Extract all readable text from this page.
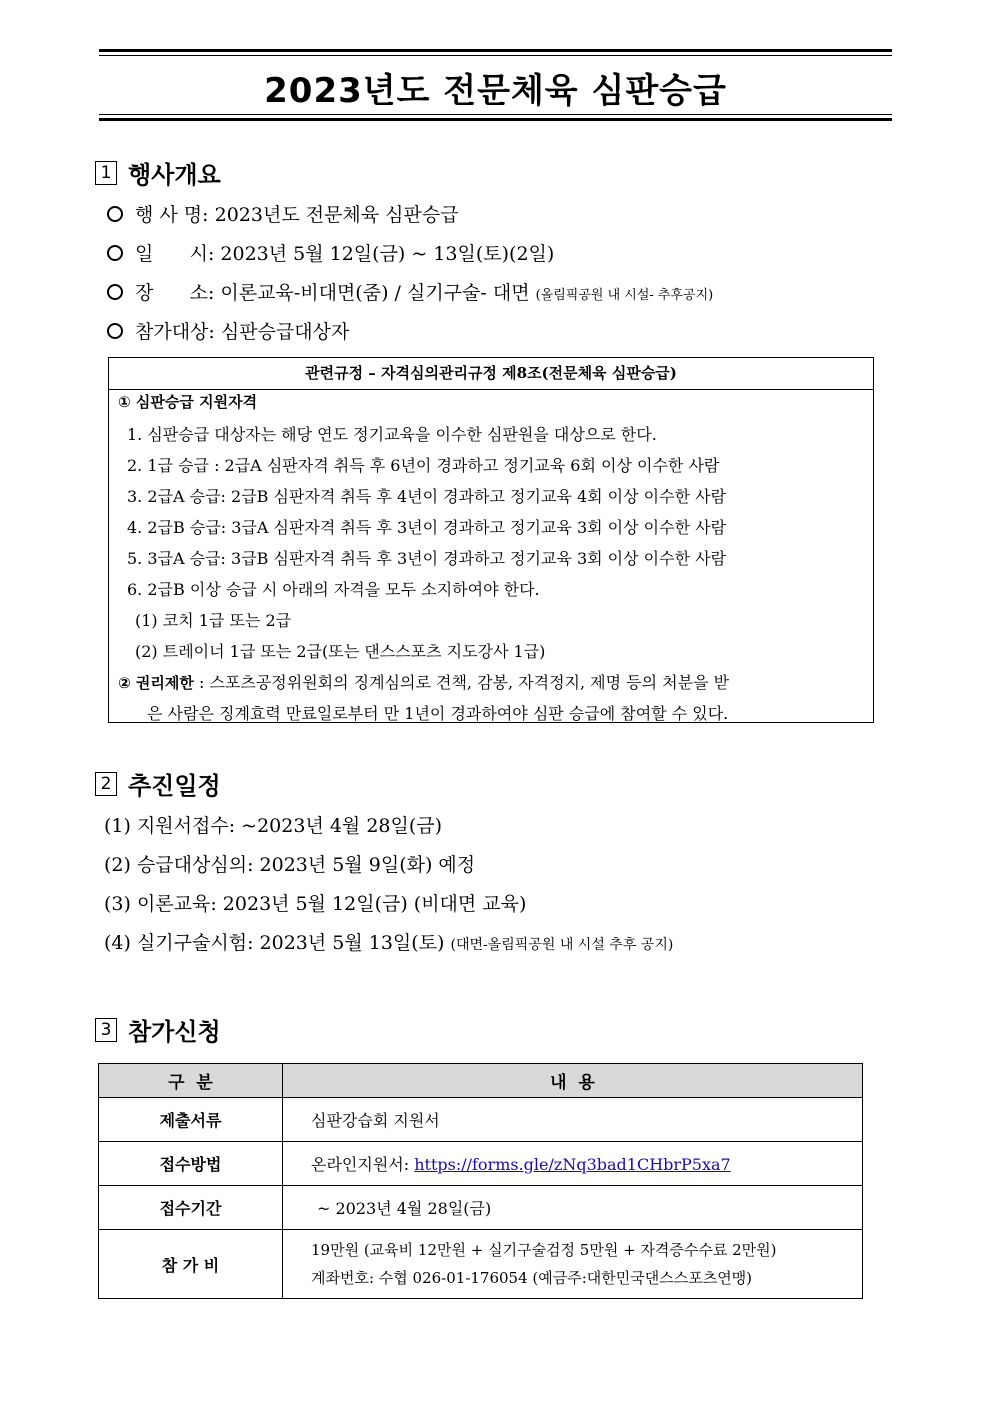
2023년도 전문체육 심판승급
1 행사개요
행 사 명: 2023년도 전문체육 심판승급
일      시: 2023년 5월 12일(금) ~ 13일(토)(2일)
장      소: 이론교육-비대면(줌) / 실기구술- 대면 (올림픽공원 내 시설- 추후공지)
참가대상: 심판승급대상자
관련규정 – 자격심의관리규정 제8조(전문체육 심판승급)
① 심판승급 지원자격
1. 심판승급 대상자는 해당 연도 정기교육을 이수한 심판원을 대상으로 한다.
2. 1급 승급 : 2급A 심판자격 취득 후 6년이 경과하고 정기교육 6회 이상 이수한 사람
3. 2급A 승급: 2급B 심판자격 취득 후 4년이 경과하고 정기교육 4회 이상 이수한 사람
4. 2급B 승급: 3급A 심판자격 취득 후 3년이 경과하고 정기교육 3회 이상 이수한 사람
5. 3급A 승급: 3급B 심판자격 취득 후 3년이 경과하고 정기교육 3회 이상 이수한 사람
6. 2급B 이상 승급 시 아래의 자격을 모두 소지하여야 한다.
(1) 코치 1급 또는 2급
(2) 트레이너 1급 또는 2급(또는 댄스스포츠 지도강사 1급)
② 권리제한 : 스포츠공정위원회의 징계심의로 견책, 감봉, 자격정지, 제명 등의 처분을 받
은 사람은 징계효력 만료일로부터 만 1년이 경과하여야 심판 승급에 참여할 수 있다.
2 추진일정
(1) 지원서접수: ~2023년 4월 28일(금)
(2) 승급대상심의: 2023년 5월 9일(화) 예정
(3) 이론교육: 2023년 5월 12일(금) (비대면 교육)
(4) 실기구술시험: 2023년 5월 13일(토) (대면-올림픽공원 내 시설 추후 공지)
3 참가신청
구  분	내  용
제출서류	심판강습회 지원서
접수방법	온라인지원서: https://forms.gle/zNq3bad1CHbrP5xa7
접수기간	~ 2023년 4월 28일(금)
참 가 비	19만원 (교육비 12만원 + 실기구술검정 5만원 + 자격증수수료 2만원)
계좌번호: 수협 026-01-176054 (예금주:대한민국댄스스포츠연맹)
